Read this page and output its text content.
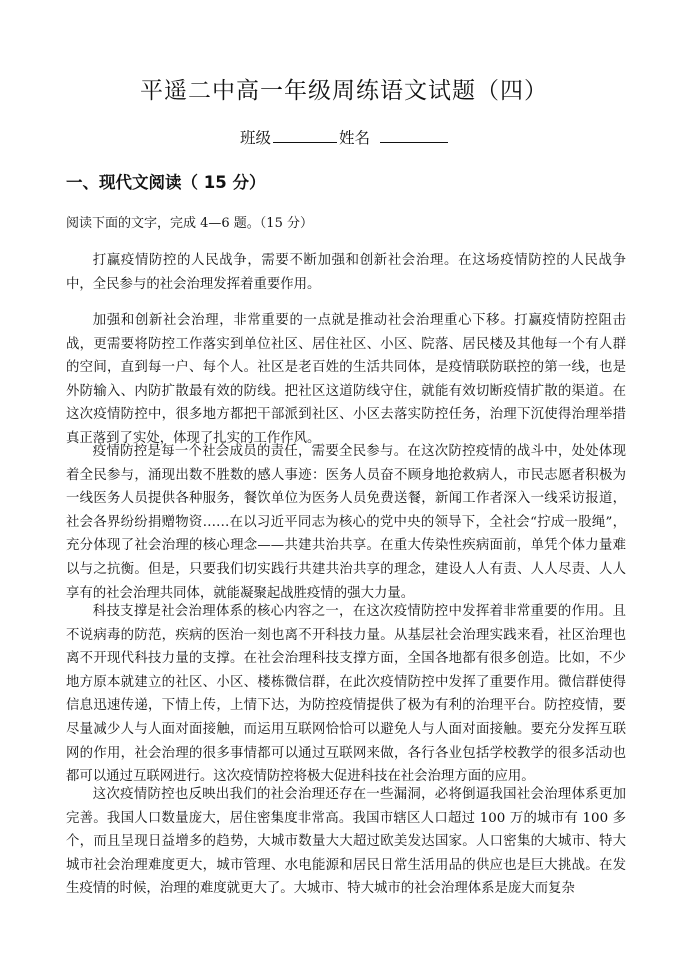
平遥二中高一年级周练语文试题（四）
班级	姓名
一、现代文阅读（ 15 分）
阅读下面的文字，完成 4—6 题。（15 分）

打赢疫情防控的人民战争，需要不断加强和创新社会治理。在这场疫情防控的人民战争中，全民参与的社会治理发挥着重要作用。

加强和创新社会治理，非常重要的一点就是推动社会治理重心下移。打赢疫情防控阻击战，更需要将防控工作落实到单位社区、居住社区、小区、院落、居民楼及其他每一个有人群的空间，直到每一户、每个人。社区是老百姓的生活共同体，是疫情联防联控的第一线，也是外防输入、内防扩散最有效的防线。把社区这道防线守住，就能有效切断疫情扩散的渠道。在这次疫情防控中，很多地方都把干部派到社区、小区去落实防控任务，治理下沉使得治理举措真正落到了实处，体现了扎实的工作作风。

疫情防控是每一个社会成员的责任，需要全民参与。在这次防控疫情的战斗中，处处体现着全民参与，涌现出数不胜数的感人事迹：医务人员奋不顾身地抢救病人，市民志愿者积极为一线医务人员提供各种服务，餐饮单位为医务人员免费送餐，新闻工作者深入一线采访报道，社会各界纷纷捐赠物资……在以习近平同志为核心的党中央的领导下，全社会“拧成一股绳”，充分体现了社会治理的核心理念——共建共治共享。在重大传染性疾病面前，单凭个体力量难以与之抗衡。但是，只要我们切实践行共建共治共享的理念，建设人人有责、人人尽责、人人享有的社会治理共同体，就能凝聚起战胜疫情的强大力量。

科技支撑是社会治理体系的核心内容之一，在这次疫情防控中发挥着非常重要的作用。且不说病毒的防范，疾病的医治一刻也离不开科技力量。从基层社会治理实践来看，社区治理也离不开现代科技力量的支撑。在社会治理科技支撑方面，全国各地都有很多创造。比如，不少地方原本就建立的社区、小区、楼栋微信群，在此次疫情防控中发挥了重要作用。微信群使得信息迅速传递，下情上传，上情下达，为防控疫情提供了极为有利的治理平台。防控疫情，要尽量减少人与人面对面接触，而运用互联网恰恰可以避免人与人面对面接触。要充分发挥互联网的作用，社会治理的很多事情都可以通过互联网来做，各行各业包括学校教学的很多活动也都可以通过互联网进行。这次疫情防控将极大促进科技在社会治理方面的应用。

这次疫情防控也反映出我们的社会治理还存在一些漏洞，必将倒逼我国社会治理体系更加完善。我国人口数量庞大，居住密集度非常高。我国市辖区人口超过 100 万的城市有 100 多个，而且呈现日益增多的趋势，大城市数量大大超过欧美发达国家。人口密集的大城市、特大城市社会治理难度更大，城市管理、水电能源和居民日常生活用品的供应也是巨大挑战。在发生疫情的时候，治理的难度就更大了。大城市、特大城市的社会治理体系是庞大而复杂
